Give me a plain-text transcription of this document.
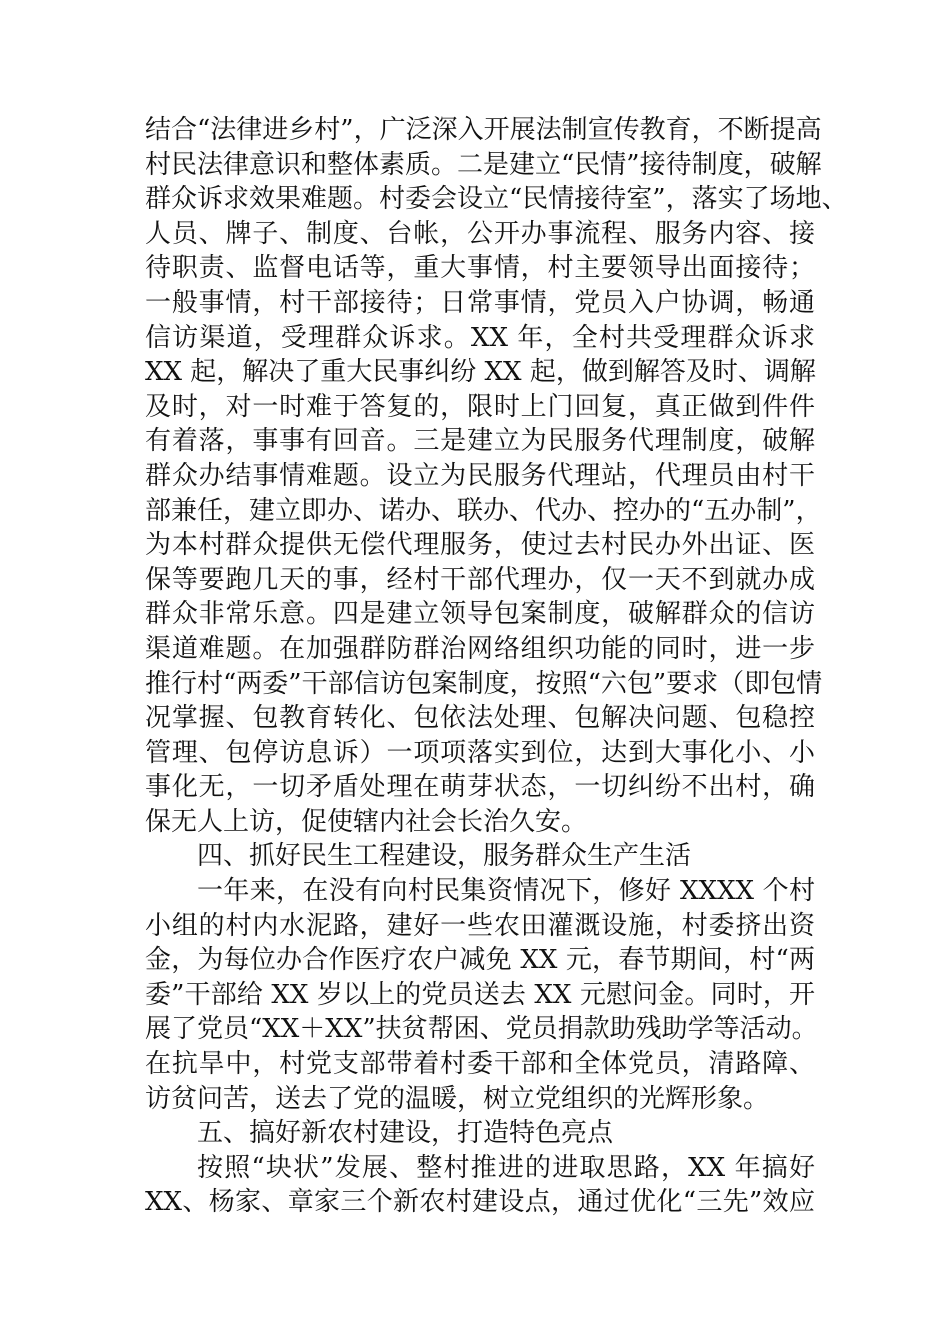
结合“法律进乡村”，广泛深入开展法制宣传教育，不断提高
村民法律意识和整体素质。二是建立“民情”接待制度，破解
群众诉求效果难题。村委会设立“民情接待室”，落实了场地、
人员、牌子、制度、台帐，公开办事流程、服务内容、接
待职责、监督电话等，重大事情，村主要领导出面接待；
一般事情，村干部接待；日常事情，党员入户协调，畅通
信访渠道，受理群众诉求。XX 年，全村共受理群众诉求
XX 起，解决了重大民事纠纷 XX 起，做到解答及时、调解
及时，对一时难于答复的，限时上门回复，真正做到件件
有着落，事事有回音。三是建立为民服务代理制度，破解
群众办结事情难题。设立为民服务代理站，代理员由村干
部兼任，建立即办、诺办、联办、代办、控办的“五办制”，
为本村群众提供无偿代理服务，使过去村民办外出证、医
保等要跑几天的事，经村干部代理办，仅一天不到就办成
群众非常乐意。四是建立领导包案制度，破解群众的信访
渠道难题。在加强群防群治网络组织功能的同时，进一步
推行村“两委”干部信访包案制度，按照“六包”要求（即包情
况掌握、包教育转化、包依法处理、包解决问题、包稳控
管理、包停访息诉）一项项落实到位，达到大事化小、小
事化无，一切矛盾处理在萌芽状态，一切纠纷不出村，确
保无人上访，促使辖内社会长治久安。
四、抓好民生工程建设，服务群众生产生活
一年来，在没有向村民集资情况下，修好 XXXX 个村
小组的村内水泥路，建好一些农田灌溉设施，村委挤出资
金，为每位办合作医疗农户减免 XX 元，春节期间，村“两
委”干部给 XX 岁以上的党员送去 XX 元慰问金。同时，开
展了党员“XX＋XX”扶贫帮困、党员捐款助残助学等活动。
在抗旱中，村党支部带着村委干部和全体党员，清路障、
访贫问苦，送去了党的温暖，树立党组织的光辉形象。
五、搞好新农村建设，打造特色亮点
按照“块状”发展、整村推进的进取思路，XX 年搞好
XX、杨家、章家三个新农村建设点，通过优化“三先”效应
